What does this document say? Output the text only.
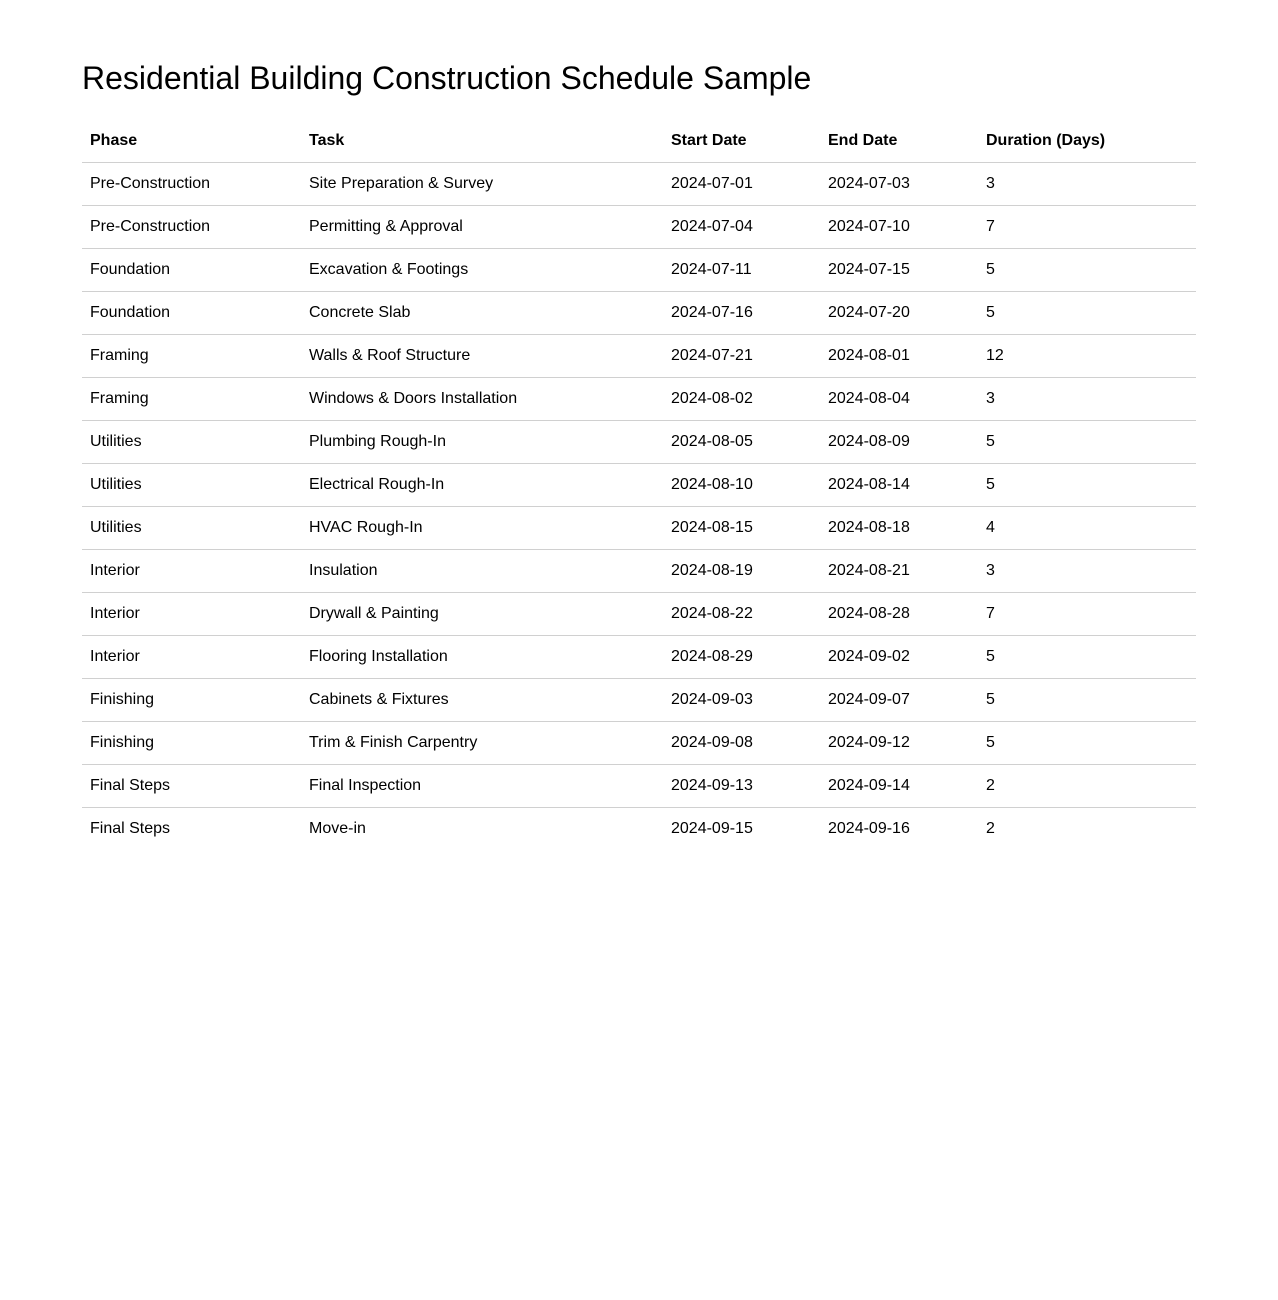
Residential Building Construction Schedule Sample
Phase	Task	Start Date	End Date	Duration (Days)
Pre-Construction	Site Preparation & Survey	2024-07-01	2024-07-03	3
Pre-Construction	Permitting & Approval	2024-07-04	2024-07-10	7
Foundation	Excavation & Footings	2024-07-11	2024-07-15	5
Foundation	Concrete Slab	2024-07-16	2024-07-20	5
Framing	Walls & Roof Structure	2024-07-21	2024-08-01	12
Framing	Windows & Doors Installation	2024-08-02	2024-08-04	3
Utilities	Plumbing Rough-In	2024-08-05	2024-08-09	5
Utilities	Electrical Rough-In	2024-08-10	2024-08-14	5
Utilities	HVAC Rough-In	2024-08-15	2024-08-18	4
Interior	Insulation	2024-08-19	2024-08-21	3
Interior	Drywall & Painting	2024-08-22	2024-08-28	7
Interior	Flooring Installation	2024-08-29	2024-09-02	5
Finishing	Cabinets & Fixtures	2024-09-03	2024-09-07	5
Finishing	Trim & Finish Carpentry	2024-09-08	2024-09-12	5
Final Steps	Final Inspection	2024-09-13	2024-09-14	2
Final Steps	Move-in	2024-09-15	2024-09-16	2
